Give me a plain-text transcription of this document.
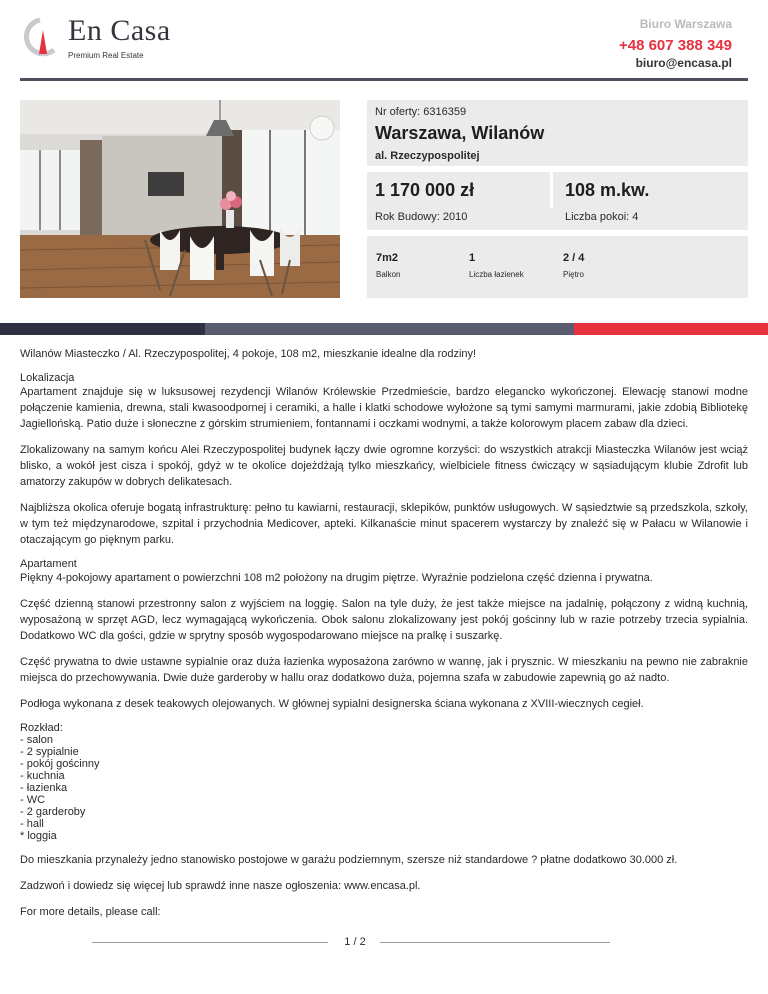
En Casa
Premium Real Estate
Biuro Warszawa
+48 607 388 349
biuro@encasa.pl
Nr oferty: 6316359
Warszawa, Wilanów
al. Rzeczypospolitej
1 170 000 zł	108 m.kw.
Rok Budowy: 2010	Liczba pokoi: 4
7m2
Balkon
1
Liczba łazienek
2 / 4
Piętro

Wilanów Miasteczko / Al. Rzeczypospolitej, 4 pokoje, 108 m2, mieszkanie idealne dla rodziny!

Lokalizacja

Apartament znajduje się w luksusowej rezydencji Wilanów Królewskie Przedmieście, bardzo elegancko wykończonej. Elewację stanowi modne połączenie kamienia, drewna, stali kwasoodpornej i ceramiki, a halle i klatki schodowe wyłożone są tymi samymi marmurami, jakie zdobią Bibliotekę Jagiellońską. Patio duże i słoneczne z górskim strumieniem, fontannami i oczkami wodnymi, a także kolorowym placem zabaw dla dzieci.

Zlokalizowany na samym końcu Alei Rzeczypospolitej budynek łączy dwie ogromne korzyści: do wszystkich atrakcji Miasteczka Wilanów jest wciąż blisko, a wokół jest cisza i spokój, gdyż w te okolice dojeżdżają tylko mieszkańcy, wielbiciele fitness ćwiczący w sąsiadującym klubie Zdrofit lub amatorzy zakupów w dobrych delikatesach.

Najbliższa okolica oferuje bogatą infrastrukturę: pełno tu kawiarni, restauracji, sklepików, punktów usługowych. W sąsiedztwie są przedszkola, szkoły, w tym też międzynarodowe, szpital i przychodnia Medicover, apteki. Kilkanaście minut spacerem wystarczy by znaleźć się w Pałacu w Wilanowie i otaczającym go pięknym parku.

Apartament

Piękny 4-pokojowy apartament o powierzchni 108 m2 położony na drugim piętrze. Wyraźnie podzielona część dzienna i prywatna.

Część dzienną stanowi przestronny salon z wyjściem na loggię. Salon na tyle duży, że jest także miejsce na jadalnię, połączony z widną kuchnią, wyposażoną w sprzęt AGD, lecz wymagającą wykończenia. Obok salonu zlokalizowany jest pokój gościnny lub w razie potrzeby trzecia sypialnia. Dodatkowo WC dla gości, gdzie w sprytny sposób wygospodarowano miejsce na pralkę i suszarkę.

Część prywatna to dwie ustawne sypialnie oraz duża łazienka wyposażona zarówno w wannę, jak i prysznic. W mieszkaniu na pewno nie zabraknie miejsca do przechowywania. Dwie duże garderoby w hallu oraz dodatkowo duża, pojemna szafa w zabudowie zapewnią go aż nadto.

Podłoga wykonana z desek teakowych olejowanych. W głównej sypialni designerska ściana wykonana z XVIII-wiecznych cegieł.

Rozkład:
- salon
- 2 sypialnie
- pokój gościnny
- kuchnia
- łazienka
- WC
- 2 garderoby
- hall
* loggia

Do mieszkania przynależy jedno stanowisko postojowe w garażu podziemnym, szersze niż standardowe ? płatne dodatkowo 30.000 zł.

Zadzwoń i dowiedz się więcej lub sprawdź inne nasze ogłoszenia: www.encasa.pl.

For more details, please call:

1 / 2
